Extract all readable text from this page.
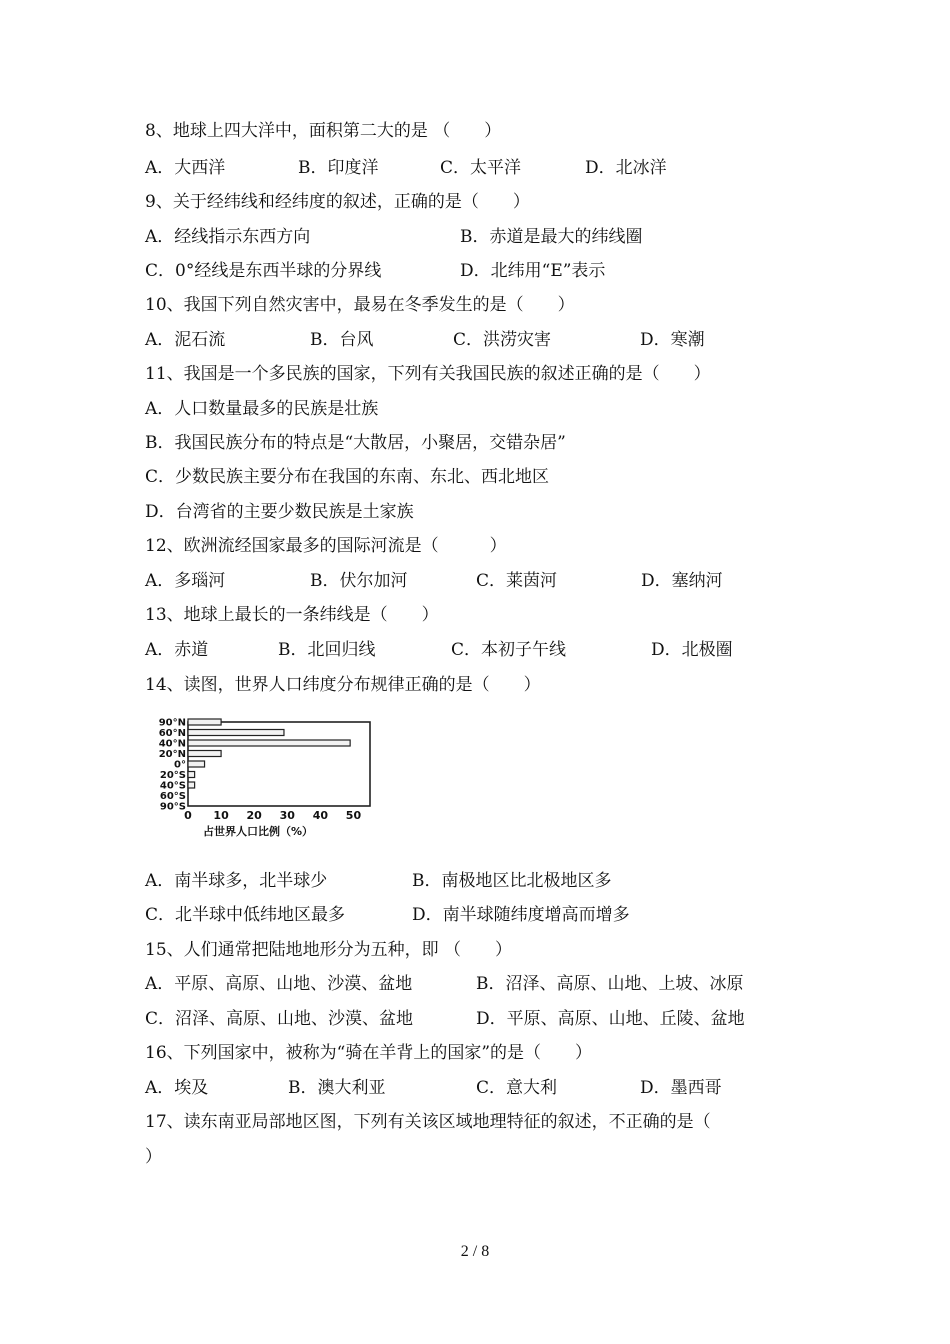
8、地球上四大洋中，面积第二大的是 （　　）
A．大西洋	B．印度洋	C．太平洋	D．北冰洋
9、关于经纬线和经纬度的叙述，正确的是（　　）
A．经线指示东西方向	B．赤道是最大的纬线圈
C．0°经线是东西半球的分界线	D．北纬用“E”表示
10、我国下列自然灾害中，最易在冬季发生的是（　　）
A．泥石流	B．台风	C．洪涝灾害	D．寒潮
11、我国是一个多民族的国家，下列有关我国民族的叙述正确的是（　　）
A．人口数量最多的民族是壮族
B．我国民族分布的特点是“大散居，小聚居，交错杂居”
C．少数民族主要分布在我国的东南、东北、西北地区
D．台湾省的主要少数民族是土家族
12、欧洲流经国家最多的国际河流是（　　　）
A．多瑙河	B．伏尔加河	C．莱茵河	D．塞纳河
13、地球上最长的一条纬线是（　　）
A．赤道	B．北回归线	C．本初子午线	D．北极圈
14、读图，世界人口纬度分布规律正确的是（　　）
90°N
60°N
40°N
20°N
0°
20°S
40°S
60°S
90°S
0 10 20 30 40 50
占世界人口比例（%）
A．南半球多，北半球少	B．南极地区比北极地区多
C．北半球中低纬地区最多	D．南半球随纬度增高而增多
15、人们通常把陆地地形分为五种，即 （　　）
A．平原、高原、山地、沙漠、盆地	B．沼泽、高原、山地、上坡、冰原
C．沼泽、高原、山地、沙漠、盆地	D．平原、高原、山地、丘陵、盆地
16、下列国家中，被称为“骑在羊背上的国家”的是（　　）
A．埃及	B．澳大利亚	C．意大利	D．墨西哥
17、读东南亚局部地区图，下列有关该区域地理特征的叙述，不正确的是（
）
2 / 8
